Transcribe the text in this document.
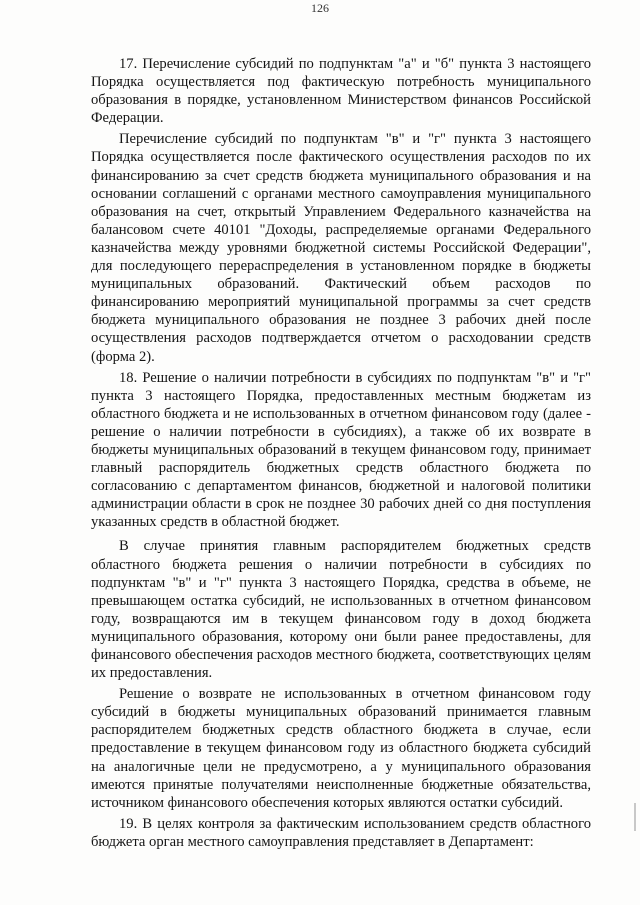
126

17. Перечисление субсидий по подпунктам "а" и "б" пункта 3 настоящего Порядка осуществляется под фактическую потребность муниципального образования в порядке, установленном Министерством финансов Российской Федерации.

Перечисление субсидий по подпунктам "в" и "г" пункта 3 настоящего Порядка осуществляется после фактического осуществления расходов по их финансированию за счет средств бюджета муниципального образования и на основании соглашений с органами местного самоуправления муниципального образования на счет, открытый Управлением Федерального казначейства на балансовом счете 40101 "Доходы, распределяемые органами Федерального казначейства между уровнями бюджетной системы Российской Федерации", для последующего перераспределения в установленном порядке в бюджеты муниципальных образований. Фактический объем расходов по финансированию мероприятий муниципальной программы за счет средств бюджета муниципального образования не позднее 3 рабочих дней после осуществления расходов подтверждается отчетом о расходовании средств (форма 2).

18. Решение о наличии потребности в субсидиях по подпунктам "в" и "г" пункта 3 настоящего Порядка, предоставленных местным бюджетам из областного бюджета и не использованных в отчетном финансовом году (далее - решение о наличии потребности в субсидиях), а также об их возврате в бюджеты муниципальных образований в текущем финансовом году, принимает главный распорядитель бюджетных средств областного бюджета по согласованию с департаментом финансов, бюджетной и налоговой политики администрации области в срок не позднее 30 рабочих дней со дня поступления указанных средств в областной бюджет.

В случае принятия главным распорядителем бюджетных средств областного бюджета решения о наличии потребности в субсидиях по подпунктам "в" и "г" пункта 3 настоящего Порядка, средства в объеме, не превышающем остатка субсидий, не использованных в отчетном финансовом году, возвращаются им в текущем финансовом году в доход бюджета муниципального образования, которому они были ранее предоставлены, для финансового обеспечения расходов местного бюджета, соответствующих целям их предоставления.

Решение о возврате не использованных в отчетном финансовом году субсидий в бюджеты муниципальных образований принимается главным распорядителем бюджетных средств областного бюджета в случае, если предоставление в текущем финансовом году из областного бюджета субсидий на аналогичные цели не предусмотрено, а у муниципального образования имеются принятые получателями неисполненные бюджетные обязательства, источником финансового обеспечения которых являются остатки субсидий.

19. В целях контроля за фактическим использованием средств областного бюджета орган местного самоуправления представляет в Департамент:
